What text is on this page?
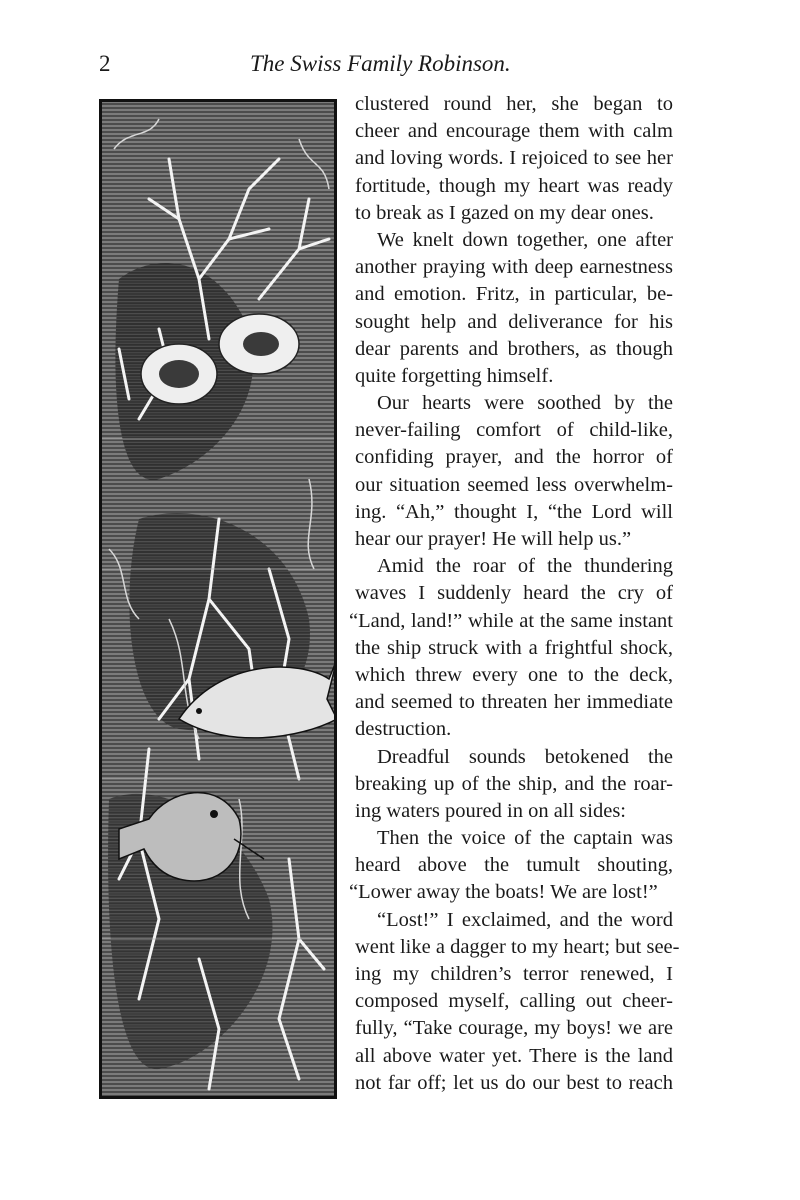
2	The Swiss Family Robinson.
clustered round her, she began to
cheer and encourage them with calm
and loving words. I rejoiced to see her
fortitude, though my heart was ready
to break as I gazed on my dear ones.
We knelt down together, one after
another praying with deep earnestness
and emotion. Fritz, in particular, be-
sought help and deliverance for his
dear parents and brothers, as though
quite forgetting himself.
Our hearts were soothed by the
never-failing comfort of child-like,
confiding prayer, and the horror of
our situation seemed less overwhelm-
ing. “Ah,” thought I, “the Lord will
hear our prayer! He will help us.”
Amid the roar of the thundering
waves I suddenly heard the cry of
“Land, land!” while at the same instant
the ship struck with a frightful shock,
which threw every one to the deck,
and seemed to threaten her immediate
destruction.
Dreadful sounds betokened the
breaking up of the ship, and the roar-
ing waters poured in on all sides:
Then the voice of the captain was
heard above the tumult shouting,
“Lower away the boats! We are lost!”
“Lost!” I exclaimed, and the word
went like a dagger to my heart; but see-
ing my children’s terror renewed, I
composed myself, calling out cheer-
fully, “Take courage, my boys! we are
all above water yet. There is the land
not far off; let us do our best to reach
